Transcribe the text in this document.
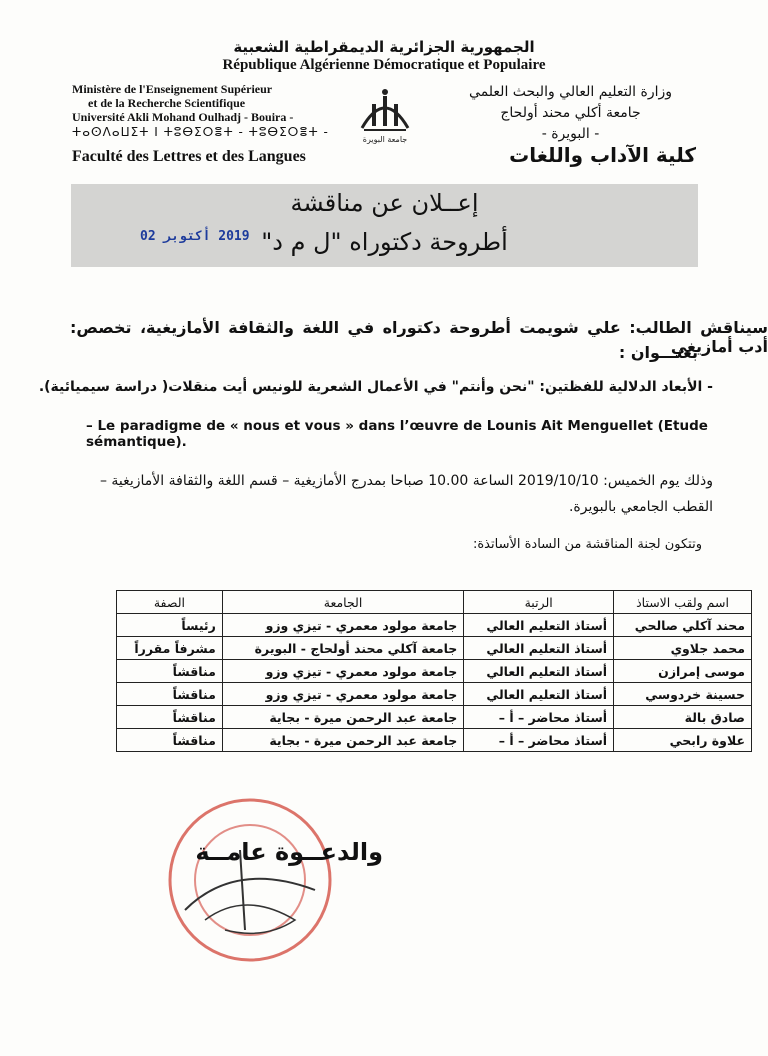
الجمهورية الجزائرية الديمقراطية الشعبية
République Algérienne Démocratique et Populaire
Ministère de l'Enseignement Supérieur
et de la Recherche Scientifique
Université Akli Mohand Oulhadj - Bouira -
ⵜⴰⵙⴷⴰⵡⵉⵜ ⵏ ⵜⵓⴱⵉⵔⴻⵜ - ⵜⵓⴱⵉⵔⴻⵜ -
Faculté des Lettres et des Langues
وزارة التعليم العالي والبحث العلمي
جامعة أكلي محند أولحاج
- البويرة -
كلية الآداب واللغات
جامعة البويرة
إعــلان عن مناقشة
أطروحة دكتوراه "ل م د"
2019 أكتوبر 02
سيناقش الطالب: علي شويمت أطروحة دكتوراه في اللغة والثقافة الأمازيغية، تخصص: أدب أمازيغي
بعنـــوان :
- الأبعاد الدلالية للفظتين: "نحن وأنتم" في الأعمال الشعرية للونيس أيت منقلات( دراسة سيميائية).
– Le paradigme de « nous et vous » dans l’œuvre de Lounis Ait Menguellet (Etude sémantique).
وذلك يوم الخميس: 2019/10/10 الساعة 10.00 صباحا بمدرج الأمازيغية – قسم اللغة والثقافة الأمازيغية – القطب الجامعي بالبويرة.
وتتكون لجنة المناقشة من السادة الأساتذة:
اسم ولقب الاستاذ	الرتبة	الجامعة	الصفة
محند آكلي صالحي	أستاذ التعليم العالي	جامعة مولود معمري - تيزي وزو	رئيساً
محمد جلاوي	أستاذ التعليم العالي	جامعة آكلي محند أولحاج - البويرة	مشرفاً مقرراً
موسى إمرازن	أستاذ التعليم العالي	جامعة مولود معمري - تيزي وزو	مناقشاً
حسينة خردوسي	أستاذ التعليم العالي	جامعة مولود معمري - تيزي وزو	مناقشاً
صادق بالة	أستاذ محاضر – أ –	جامعة عبد الرحمن ميرة - بجاية	مناقشاً
علاوة رابحي	أستاذ محاضر – أ –	جامعة عبد الرحمن ميرة - بجاية	مناقشاً
والدعــوة عامــة
